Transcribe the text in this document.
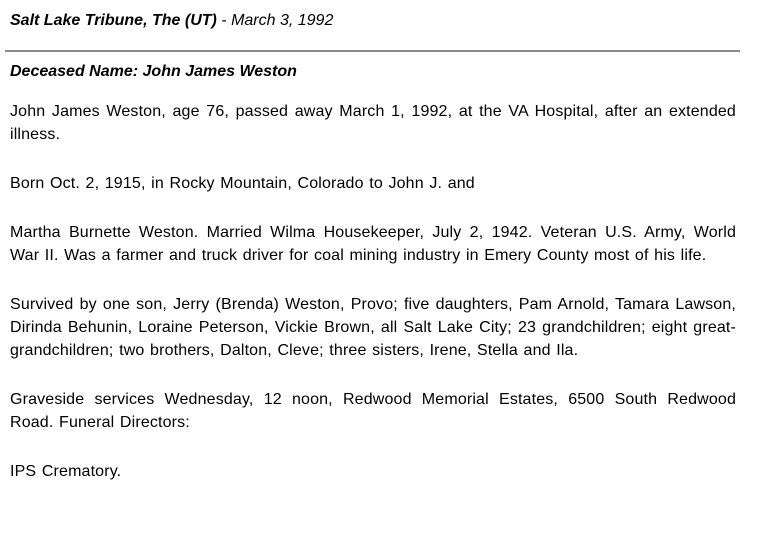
Salt Lake Tribune, The (UT) - March 3, 1992
Deceased Name: John James Weston

John James Weston, age 76, passed away March 1, 1992, at the VA Hospital, after an extended illness.

Born Oct. 2, 1915, in Rocky Mountain, Colorado to John J. and

Martha Burnette Weston. Married Wilma Housekeeper, July 2, 1942. Veteran U.S. Army, World War II. Was a farmer and truck driver for coal mining industry in Emery County most of his life.

Survived by one son, Jerry (Brenda) Weston, Provo; five daughters, Pam Arnold, Tamara Lawson, Dirinda Behunin, Loraine Peterson, Vickie Brown, all Salt Lake City; 23 grandchildren; eight great-grandchildren; two brothers, Dalton, Cleve; three sisters, Irene, Stella and Ila.

Graveside services Wednesday, 12 noon, Redwood Memorial Estates, 6500 South Redwood Road. Funeral Directors:

IPS Crematory.
